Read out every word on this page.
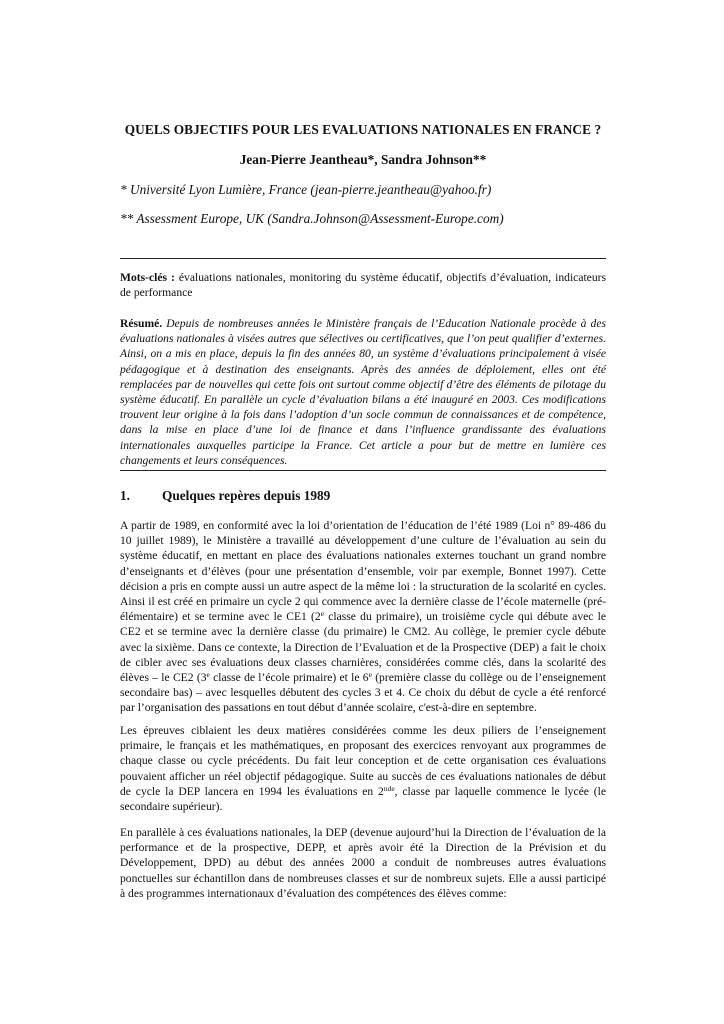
QUELS OBJECTIFS POUR LES EVALUATIONS NATIONALES EN FRANCE ?
Jean-Pierre Jeantheau*, Sandra Johnson**
* Université Lyon Lumière, France (jean-pierre.jeantheau@yahoo.fr)
** Assessment Europe, UK (Sandra.Johnson@Assessment-Europe.com)
Mots-clés : évaluations nationales, monitoring du système éducatif, objectifs d’évaluation, indicateurs de performance
Résumé. Depuis de nombreuses années le Ministère français de l’Education Nationale procède à des évaluations nationales à visées autres que sélectives ou certificatives, que l’on peut qualifier d’externes. Ainsi, on a mis en place, depuis la fin des années 80, un système d’évaluations principalement à visée pédagogique et à destination des enseignants. Après des années de déploiement, elles ont été remplacées par de nouvelles qui cette fois ont surtout comme objectif d’être des éléments de pilotage du système éducatif. En parallèle un cycle d’évaluation bilans a été inauguré en 2003. Ces modifications trouvent leur origine à la fois dans l’adoption d’un socle commun de connaissances et de compétence, dans la mise en place d’une loi de finance et dans l’influence grandissante des évaluations internationales auxquelles participe la France. Cet article a pour but de mettre en lumière ces changements et leurs conséquences.
1. Quelques repères depuis 1989
A partir de 1989, en conformité avec la loi d’orientation de l’éducation de l’été 1989 (Loi n° 89-486 du 10 juillet 1989), le Ministère a travaillé au développement d’une culture de l’évaluation au sein du système éducatif, en mettant en place des évaluations nationales externes touchant un grand nombre d’enseignants et d’élèves (pour une présentation d’ensemble, voir par exemple, Bonnet 1997). Cette décision a pris en compte aussi un autre aspect de la même loi : la structuration de la scolarité en cycles. Ainsi il est créé en primaire un cycle 2 qui commence avec la dernière classe de l’école maternelle (pré-élémentaire) et se termine avec le CE1 (2e classe du primaire), un troisième cycle qui débute avec le CE2 et se termine avec la dernière classe (du primaire) le CM2. Au collège, le premier cycle débute avec la sixième. Dans ce contexte, la Direction de l’Evaluation et de la Prospective (DEP) a fait le choix de cibler avec ses évaluations deux classes charnières, considérées comme clés, dans la scolarité des élèves – le CE2 (3e classe de l’école primaire) et le 6e (première classe du collège ou de l’enseignement secondaire bas) – avec lesquelles débutent des cycles 3 et 4. Ce choix du début de cycle a été renforcé par l’organisation des passations en tout début d’année scolaire, c'est-à-dire en septembre.
Les épreuves ciblaient les deux matières considérées comme les deux piliers de l’enseignement primaire, le français et les mathématiques, en proposant des exercices renvoyant aux programmes de chaque classe ou cycle précédents. Du fait leur conception et de cette organisation ces évaluations pouvaient afficher un réel objectif pédagogique. Suite au succès de ces évaluations nationales de début de cycle la DEP lancera en 1994 les évaluations en 2nde, classe par laquelle commence le lycée (le secondaire supérieur).
En parallèle à ces évaluations nationales, la DEP (devenue aujourd’hui la Direction de l’évaluation de la performance et de la prospective, DEPP, et après avoir été la Direction de la Prévision et du Développement, DPD) au début des années 2000 a conduit de nombreuses autres évaluations ponctuelles sur échantillon dans de nombreuses classes et sur de nombreux sujets. Elle a aussi participé à des programmes internationaux d’évaluation des compétences des élèves comme:
